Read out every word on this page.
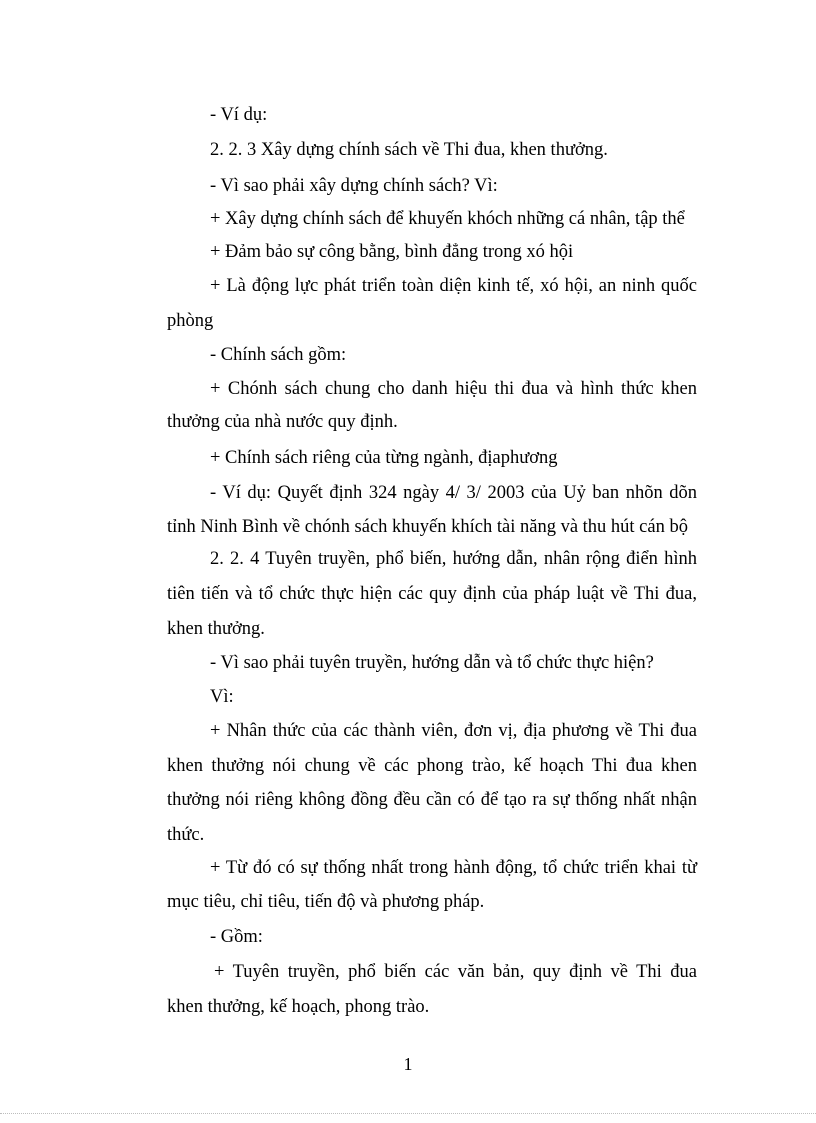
- Ví dụ:
2. 2. 3 Xây dựng chính sách về Thi đua, khen thưởng.
- Vì sao phải xây dựng chính sách? Vì:
+ Xây dựng chính sách để khuyến khóch những cá nhân, tập thể
+ Đảm bảo sự công bằng, bình đẳng trong xó hội
+ Là động lực phát triển toàn diện kinh tế, xó hội, an ninh quốc
phòng
- Chính sách gồm:
+ Chónh sách chung cho danh hiệu thi đua và hình thức khen
thưởng của nhà nước quy định.
+ Chính sách riêng của từng ngành, địaphương
- Ví dụ: Quyết định 324 ngày 4/ 3/ 2003 của Uỷ ban nhõn dõn
tỉnh Ninh Bình về chónh sách khuyến khích tài năng và thu hút cán bộ
2. 2. 4 Tuyên truyền, phổ biến, hướng dẫn, nhân rộng điển hình
tiên tiến và tổ chức thực hiện các quy định của pháp luật về Thi đua,
khen thưởng.
- Vì sao phải tuyên truyền, hướng dẫn và tổ chức thực hiện?
Vì:
+ Nhân thức của các thành viên, đơn vị, địa phương về Thi đua
khen thưởng nói chung về các phong trào, kế hoạch Thi đua khen
thưởng nói riêng không đồng đều cần có để tạo ra sự thống nhất nhận
thức.
+ Từ đó có sự thống nhất trong hành động, tổ chức triển khai từ
mục tiêu, chỉ tiêu, tiến độ và phương pháp.
- Gồm:
+ Tuyên truyền, phổ biến các văn bản, quy định về Thi đua
khen thưởng, kế hoạch, phong trào.
1
